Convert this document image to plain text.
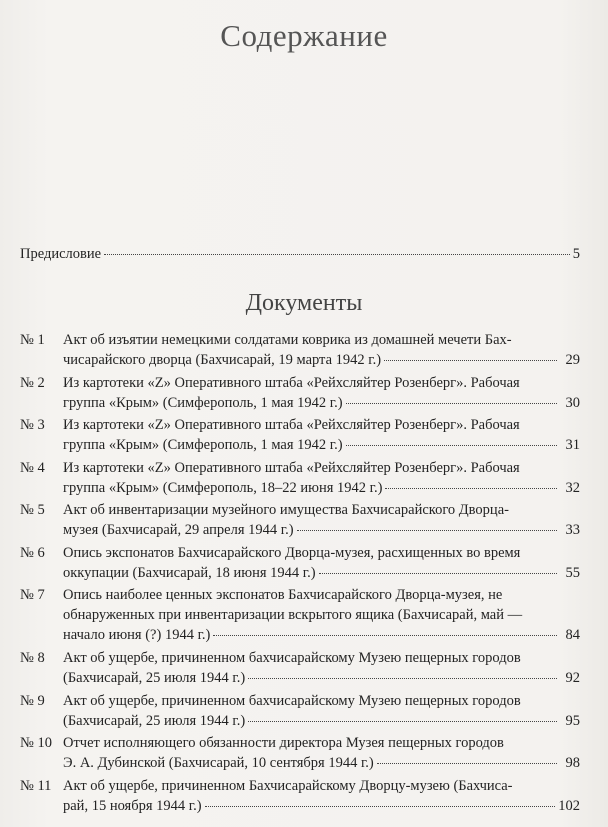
Содержание
Предисловие	5
Документы
№ 1	Акт об изъятии немецкими солдатами коврика из домашней мечети Бах-
чисарайского дворца (Бахчисарай, 19 марта 1942 г.)	29
№ 2	Из картотеки «Z» Оперативного штаба «Рейхсляйтер Розенберг». Рабочая
группа «Крым» (Симферополь, 1 мая 1942 г.)	30
№ 3	Из картотеки «Z» Оперативного штаба «Рейхсляйтер Розенберг». Рабочая
группа «Крым» (Симферополь, 1 мая 1942 г.)	31
№ 4	Из картотеки «Z» Оперативного штаба «Рейхсляйтер Розенберг». Рабочая
группа «Крым» (Симферополь, 18–22 июня 1942 г.)	32
№ 5	Акт об инвентаризации музейного имущества Бахчисарайского Дворца-
музея (Бахчисарай, 29 апреля 1944 г.)	33
№ 6	Опись экспонатов Бахчисарайского Дворца-музея, расхищенных во время
оккупации (Бахчисарай, 18 июня 1944 г.)	55
№ 7	Опись наиболее ценных экспонатов Бахчисарайского Дворца-музея, не
обнаруженных при инвентаризации вскрытого ящика (Бахчисарай, май —
начало июня (?) 1944 г.)	84
№ 8	Акт об ущербе, причиненном бахчисарайскому Музею пещерных городов
(Бахчисарай, 25 июля 1944 г.)	92
№ 9	Акт об ущербе, причиненном бахчисарайскому Музею пещерных городов
(Бахчисарай, 25 июля 1944 г.)	95
№ 10 Отчет исполняющего обязанности директора Музея пещерных городов
Э. А. Дубинской (Бахчисарай, 10 сентября 1944 г.)	98
№ 11 Акт об ущербе, причиненном Бахчисарайскому Дворцу-музею (Бахчиса-
рай, 15 ноября 1944 г.)	102
